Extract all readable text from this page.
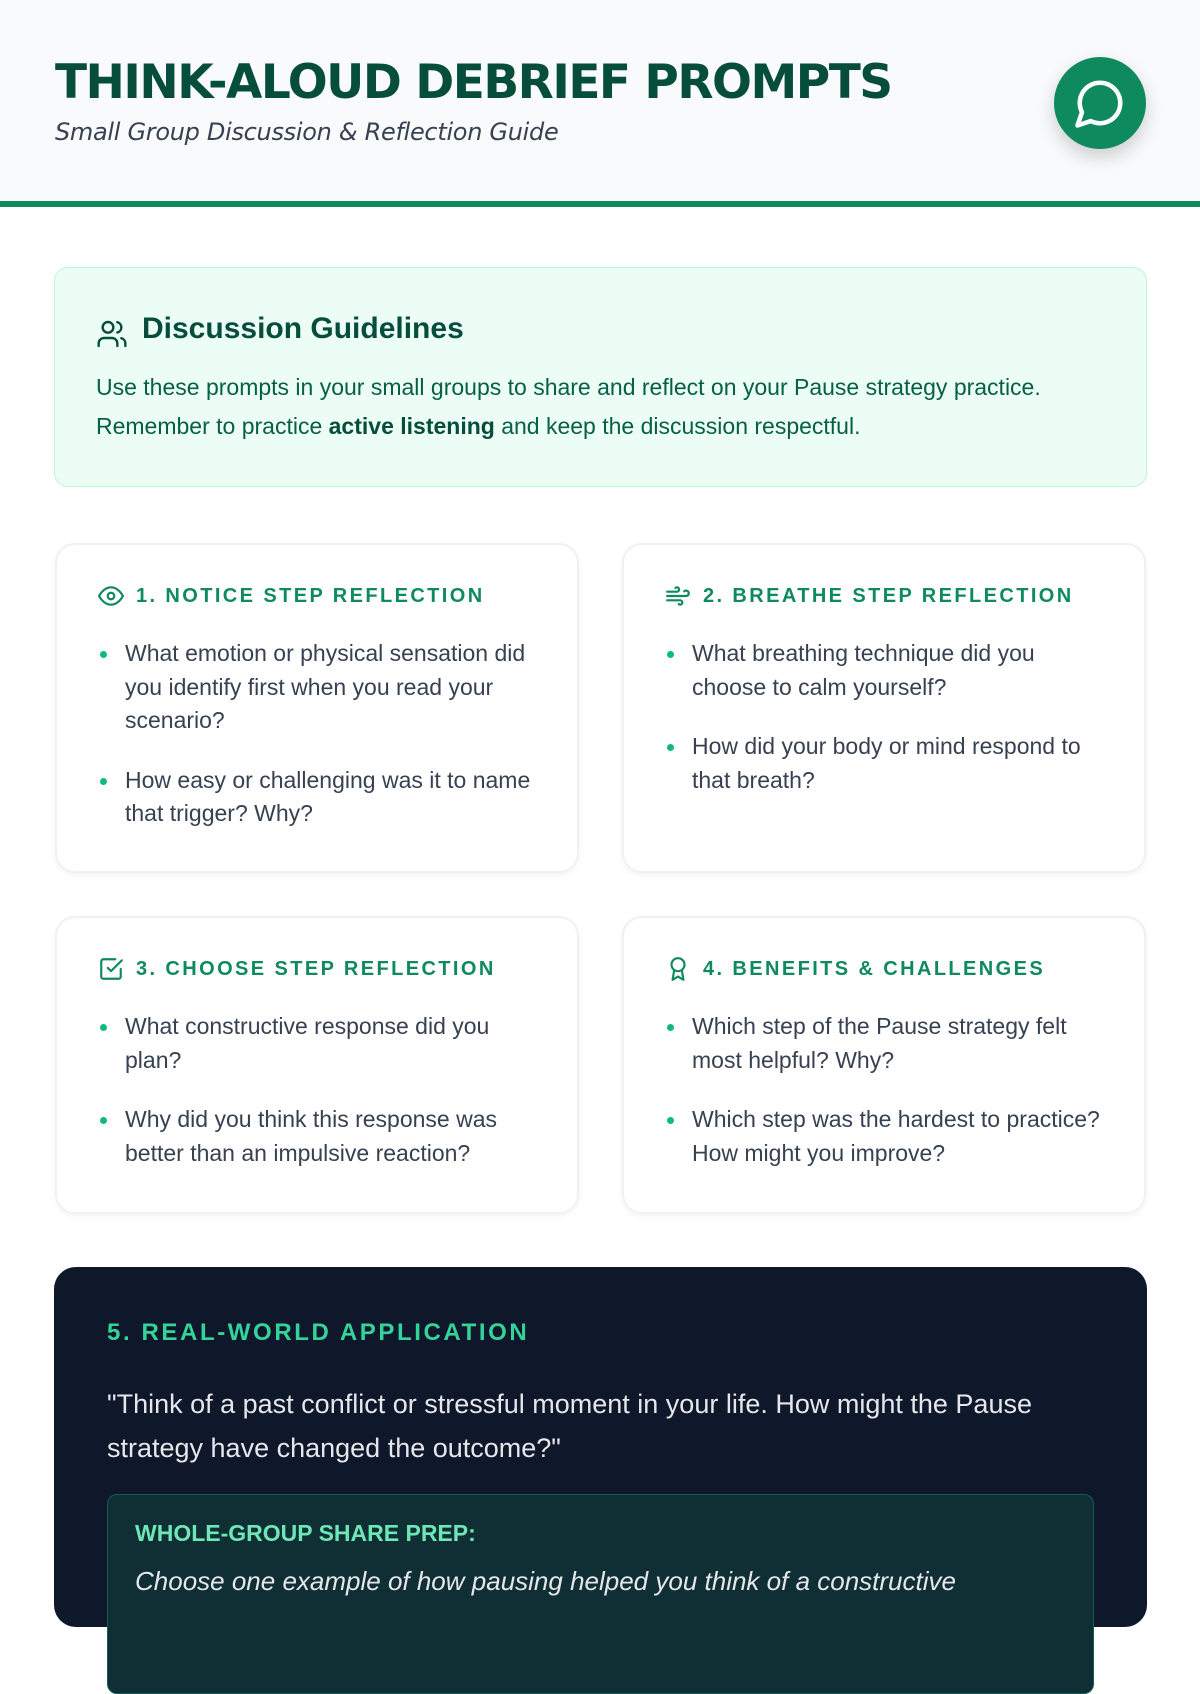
THINK-ALOUD DEBRIEF PROMPTS

Small Group Discussion & Reflection Guide

Discussion Guidelines

Use these prompts in your small groups to share and reflect on your Pause strategy practice. Remember to practice active listening and keep the discussion respectful.

1. NOTICE STEP REFLECTION
What emotion or physical sensation did you identify first when you read your scenario?
How easy or challenging was it to name that trigger? Why?
2. BREATHE STEP REFLECTION
What breathing technique did you choose to calm yourself?
How did your body or mind respond to that breath?
3. CHOOSE STEP REFLECTION
What constructive response did you plan?
Why did you think this response was better than an impulsive reaction?
4. BENEFITS & CHALLENGES
Which step of the Pause strategy felt most helpful? Why?
Which step was the hardest to practice? How might you improve?
5. REAL-WORLD APPLICATION

"Think of a past conflict or stressful moment in your life. How might the Pause strategy have changed the outcome?"

WHOLE-GROUP SHARE PREP:

Choose one example of how pausing helped you think of a constructive
